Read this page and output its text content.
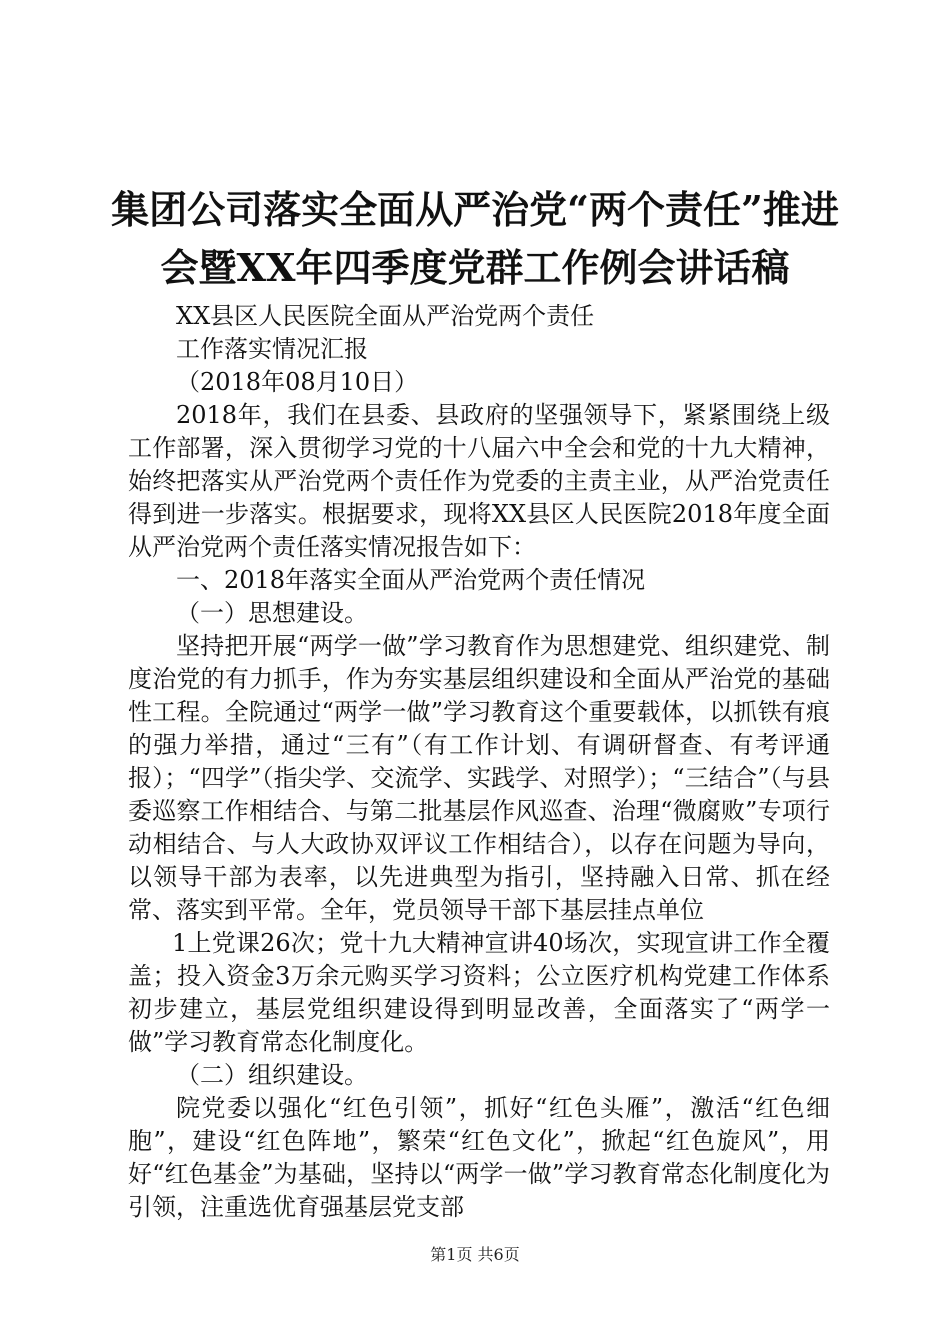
集团公司落实全面从严治党“两个责任”推进
会暨XX年四季度党群工作例会讲话稿

XX县区人民医院全面从严治党两个责任

工作落实情况汇报

（2018年08月10日）

2018年，我们在县委、县政府的坚强领导下，紧紧围绕上级工作部署，深入贯彻学习党的十八届六中全会和党的十九大精神，始终把落实从严治党两个责任作为党委的主责主业，从严治党责任得到进一步落实。根据要求，现将XX县区人民医院2018年度全面从严治党两个责任落实情况报告如下：

一、2018年落实全面从严治党两个责任情况

（一）思想建设。

坚持把开展“两学一做”学习教育作为思想建党、组织建党、制度治党的有力抓手，作为夯实基层组织建设和全面从严治党的基础性工程。全院通过“两学一做”学习教育这个重要载体，以抓铁有痕的强力举措，通过“三有”（有工作计划、有调研督查、有考评通报）；“四学”（指尖学、交流学、实践学、对照学）；“三结合”（与县委巡察工作相结合、与第二批基层作风巡查、治理“微腐败”专项行动相结合、与人大政协双评议工作相结合），以存在问题为导向，以领导干部为表率，以先进典型为指引，坚持融入日常、抓在经常、落实到平常。全年，党员领导干部下基层挂点单位

1上党课26次；党十九大精神宣讲40场次，实现宣讲工作全覆盖；投入资金3万余元购买学习资料；公立医疗机构党建工作体系初步建立，基层党组织建设得到明显改善，全面落实了“两学一做”学习教育常态化制度化。

（二）组织建设。

院党委以强化“红色引领”，抓好“红色头雁”，激活“红色细胞”，建设“红色阵地”，繁荣“红色文化”，掀起“红色旋风”，用好“红色基金”为基础，坚持以“两学一做”学习教育常态化制度化为引领，注重选优育强基层党支部

第1页 共6页
